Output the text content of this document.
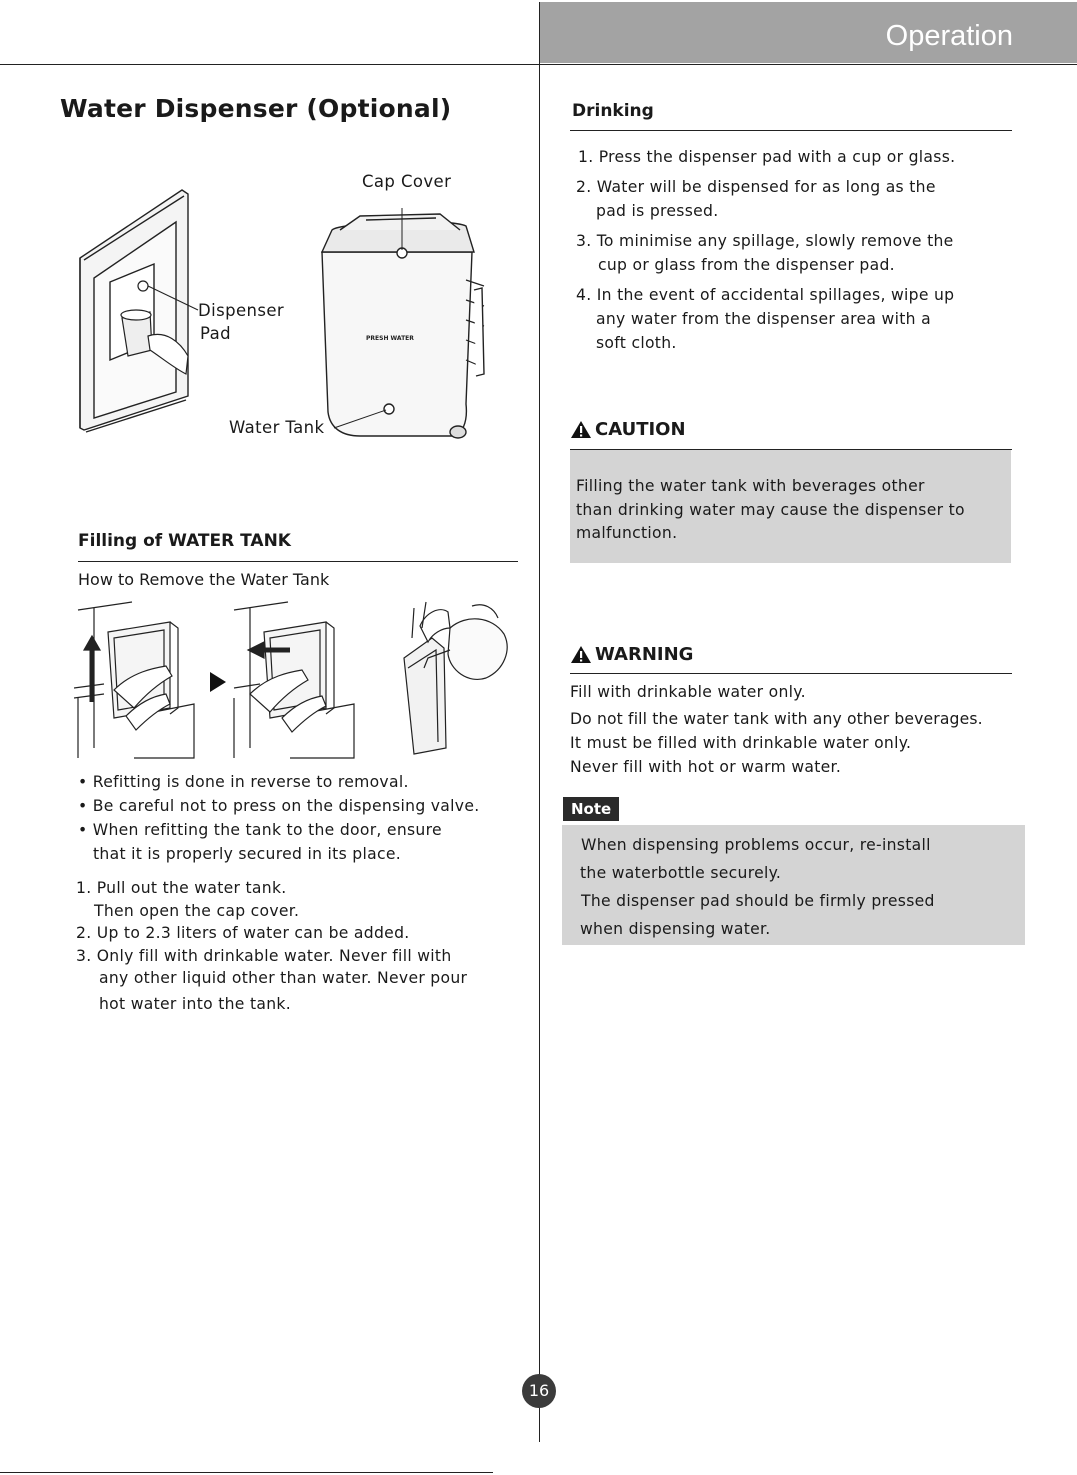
Operation
Water Dispenser (Optional)
PRESH WATER
Cap Cover
Dispenser
Pad
Water Tank
Filling of WATER TANK
How to Remove the Water Tank
• Refitting is done in reverse to removal.
• Be careful not to press on the dispensing valve.
• When refitting the tank to the door, ensure
that it is properly secured in its place.
1. Pull out the water tank.
Then open the cap cover.
2. Up to 2.3 liters of water can be added.
3. Only fill with drinkable water. Never fill with
any other liquid other than water. Never pour
hot water into the tank.
Drinking
1. Press the dispenser pad with a cup or glass.
2. Water will be dispensed for as long as the
pad is pressed.
3. To minimise any spillage, slowly remove the
cup or glass from the dispenser pad.
4. In the event of accidental spillages, wipe up
any water from the dispenser area with a
soft cloth.
CAUTION
Filling the water tank with beverages other
than drinking water may cause the dispenser to
malfunction.
WARNING
Fill with drinkable water only.
Do not fill the water tank with any other beverages.
It must be filled with drinkable water only.
Never fill with hot or warm water.
Note
When dispensing problems occur, re-install
the waterbottle securely.
The dispenser pad should be firmly pressed
when dispensing water.
16
